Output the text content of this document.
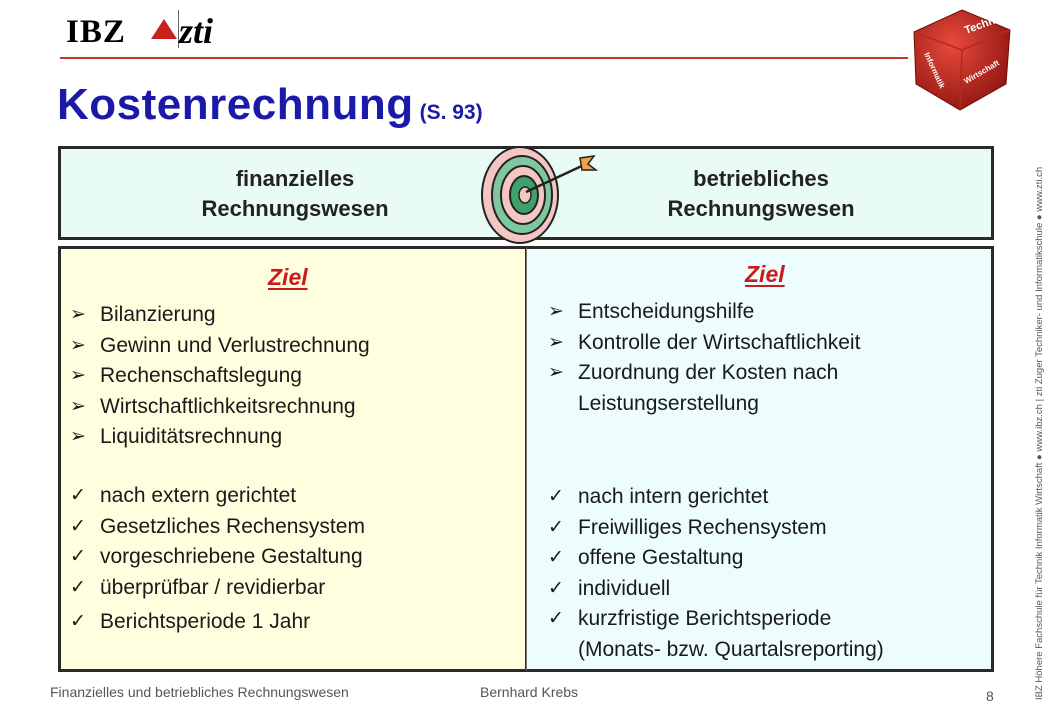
IBZ zti	Technik
Informatik Wirtschaft
Kostenrechnung (S. 93)
finanzielles
Rechnungswesen
betriebliches
Rechnungswesen
Ziel	Ziel
➢ Bilanzierung
➢ Gewinn und Verlustrechnung
➢ Rechenschaftslegung
➢ Wirtschaftlichkeitsrechnung
➢ Liquiditätsrechnung
✓ nach extern gerichtet
✓ Gesetzliches Rechensystem
✓ vorgeschriebene Gestaltung
✓ überprüfbar / revidierbar
✓ Berichtsperiode 1 Jahr
➢ Entscheidungshilfe
➢ Kontrolle der Wirtschaftlichkeit
➢ Zuordnung der Kosten nach
Leistungserstellung
✓ nach intern gerichtet
✓ Freiwilliges Rechensystem
✓ offene Gestaltung
✓ individuell
✓ kurzfristige Berichtsperiode
(Monats- bzw. Quartalsreporting)
Finanzielles und betriebliches Rechnungswesen	Bernhard Krebs	8	IBZ Höhere Fachschule für Technik Informatik Wirtschaft ● www.ibz.ch | zti Zuger Techniker- und Informatikschule ● www.zti.ch
